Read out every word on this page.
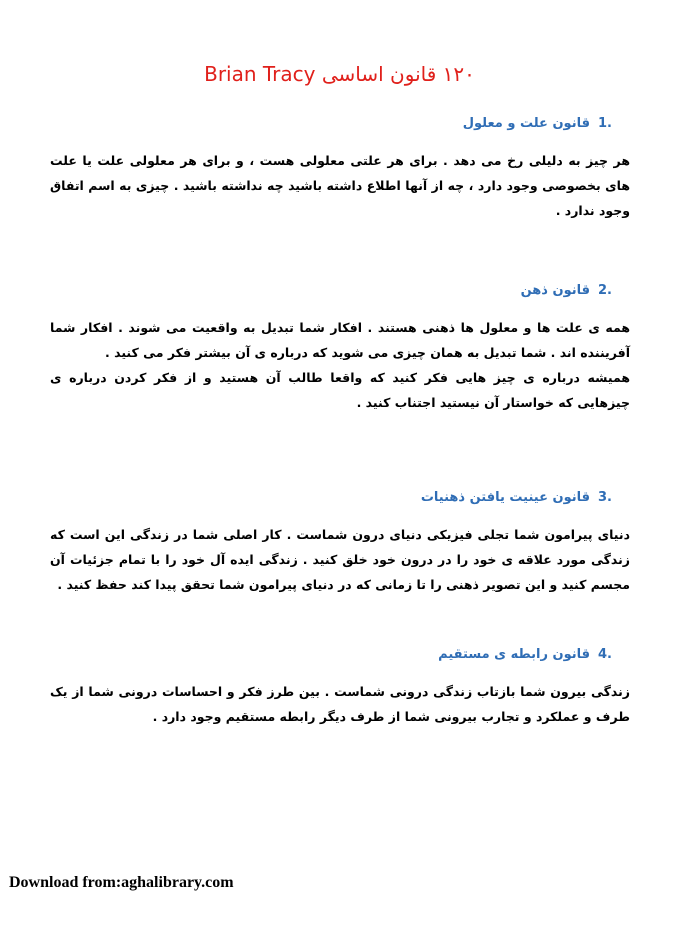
۱۲۰ قانون اساسی Brian Tracy
.1قانون علت و معلول

هر چیز به دلیلی رخ می دهد . برای هر علتی معلولی هست ، و برای هر معلولی علت یا علت های بخصوصی وجود دارد ، چه از آنها اطلاع داشته باشید چه نداشته باشید . چیزی به اسم اتفاق وجود ندارد .

.2قانون ذهن

همه ی علت ها و معلول ها ذهنی هستند . افکار شما تبدیل به واقعیت می شوند . افکار شما آفریننده اند . شما تبدیل به همان چیزی می شوید که درباره ی آن بیشتر فکر می کنید .

همیشه درباره ی چیز هایی فکر کنید که واقعا طالب آن هستید و از فکر کردن درباره ی چیزهایی که خواستار آن نیستید اجتناب کنید .

.3قانون عینیت یافتن ذهنیات

دنیای پیرامون شما تجلی فیزیکی دنیای درون شماست . کار اصلی شما در زندگی این است که زندگی مورد علاقه ی خود را در درون خود خلق کنید . زندگی ایده آل خود را با تمام جزئیات آن مجسم کنید و این تصویر ذهنی را تا زمانی که در دنیای پیرامون شما تحقق پیدا کند حفظ کنید .

.4قانون رابطه ی مستقیم

زندگی بیرون شما بازتاب زندگی درونی شماست . بین طرز فکر و احساسات درونی شما از یک طرف و عملکرد و تجارب بیرونی شما از طرف دیگر رابطه مستقیم وجود دارد .

Download from:aghalibrary.com
